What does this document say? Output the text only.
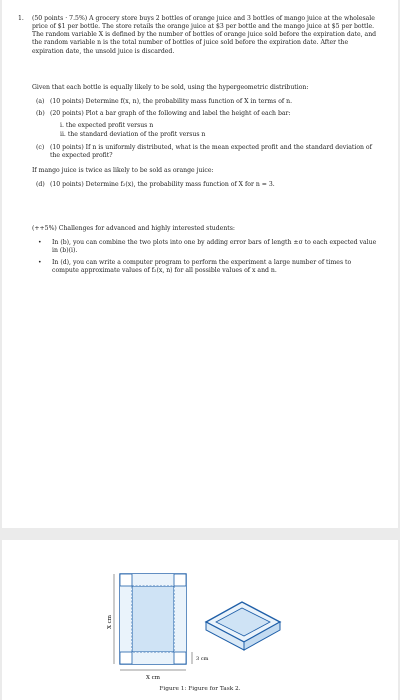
1. (50 points · 7.5%) A grocery store buys 2 bottles of orange juice and 3 bottles of mango juice at the wholesale price of $1 per bottle. The store retails the orange juice at $3 per bottle and the mango juice at $5 per bottle. The random variable X is defined by the number of bottles of orange juice sold before the expiration date, and the random variable n is the total number of bottles of juice sold before the expiration date. After the expiration date, the unsold juice is discarded.
Given that each bottle is equally likely to be sold, using the hypergeometric distribution:
(a) (10 points) Determine f(x, n), the probability mass function of X in terms of n.
(b) (20 points) Plot a bar graph of the following and label the height of each bar:
i. the expected profit versus n
ii. the standard deviation of the profit versus n
(c) (10 points) If n is uniformly distributed, what is the mean expected profit and the standard deviation of the expected profit?
If mango juice is twice as likely to be sold as orange juice:
(d) (10 points) Determine f₂(x), the probability mass function of X for n = 3.
(++5%) Challenges for advanced and highly interested students:
• In (b), you can combine the two plots into one by adding error bars of length ±σ to each expected value in (b)(i).
• In (d), you can write a computer program to perform the experiment a large number of times to compute approximate values of f₂(x, n) for all possible values of x and n.
X cm
X cm
3 cm
Figure 1: Figure for Task 2.
